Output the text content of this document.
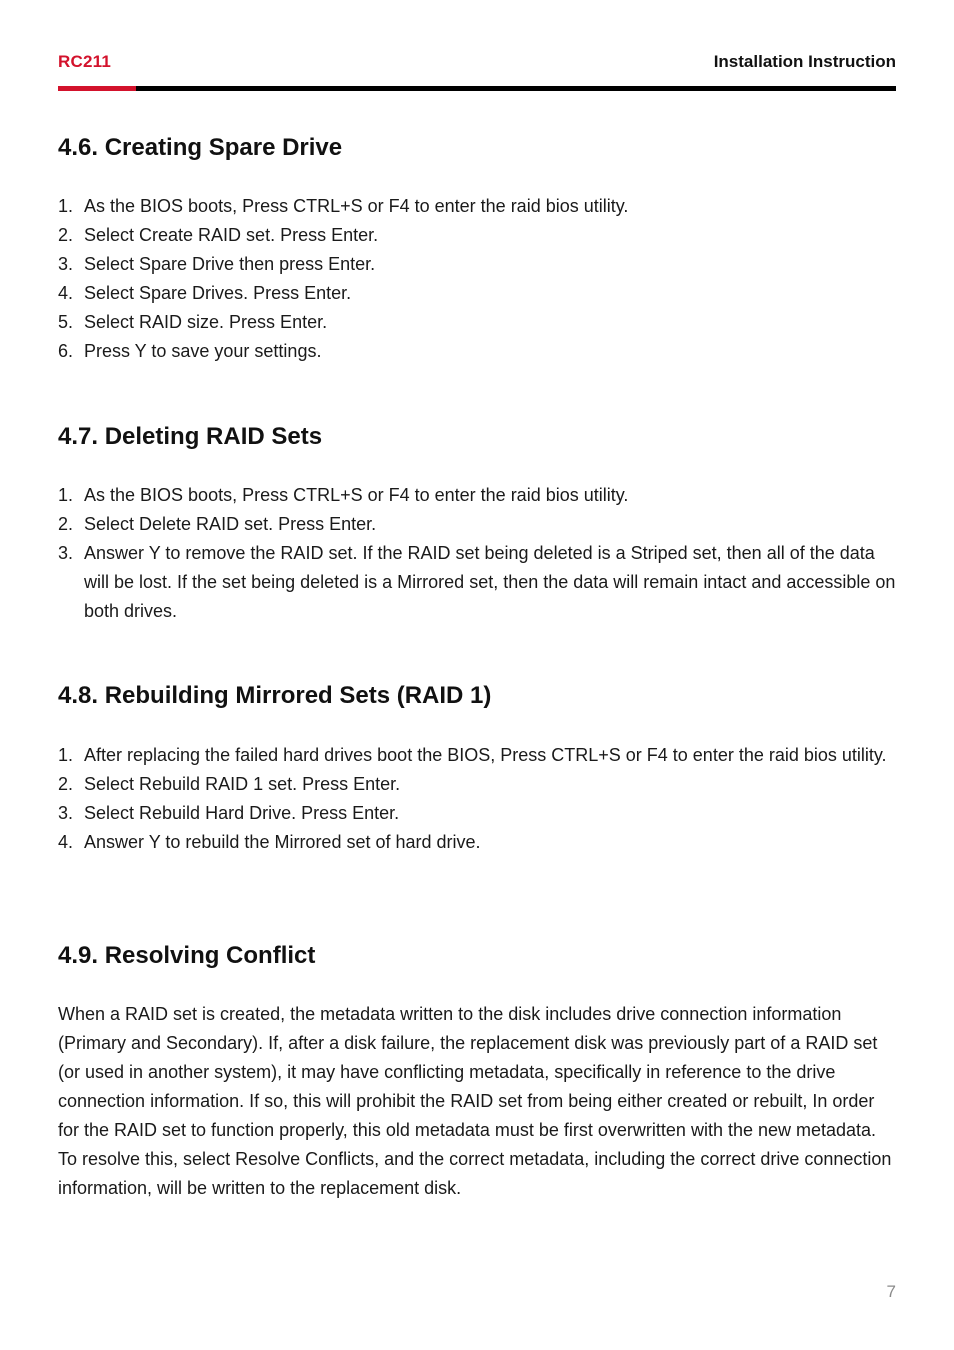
RC211	Installation Instruction
4.6. Creating Spare Drive
1. As the BIOS boots, Press CTRL+S or F4 to enter the raid bios utility.
2. Select Create RAID set. Press Enter.
3. Select Spare Drive then press Enter.
4. Select Spare Drives. Press Enter.
5. Select RAID size. Press Enter.
6. Press Y to save your settings.
4.7. Deleting RAID Sets
1. As the BIOS boots, Press CTRL+S or F4 to enter the raid bios utility.
2. Select Delete RAID set. Press Enter.
3. Answer Y to remove the RAID set. If the RAID set being deleted is a Striped set, then all of the data will be lost. If the set being deleted is a Mirrored set, then the data will remain intact and accessible on both drives.
4.8. Rebuilding Mirrored Sets (RAID 1)
1. After replacing the failed hard drives boot the BIOS, Press CTRL+S or F4 to enter the raid bios utility.
2. Select Rebuild RAID 1 set. Press Enter.
3. Select Rebuild Hard Drive. Press Enter.
4. Answer Y to rebuild the Mirrored set of hard drive.
4.9. Resolving Conflict

When a RAID set is created, the metadata written to the disk includes drive connection information (Primary and Secondary). If, after a disk failure, the replacement disk was previously part of a RAID set (or used in another system), it may have conflicting metadata, specifically in reference to the drive connection information. If so, this will prohibit the RAID set from being either created or rebuilt, In order for the RAID set to function properly, this old metadata must be first overwritten with the new metadata. To resolve this, select Resolve Conflicts, and the correct metadata, including the correct drive connection information, will be written to the replacement disk.

7
